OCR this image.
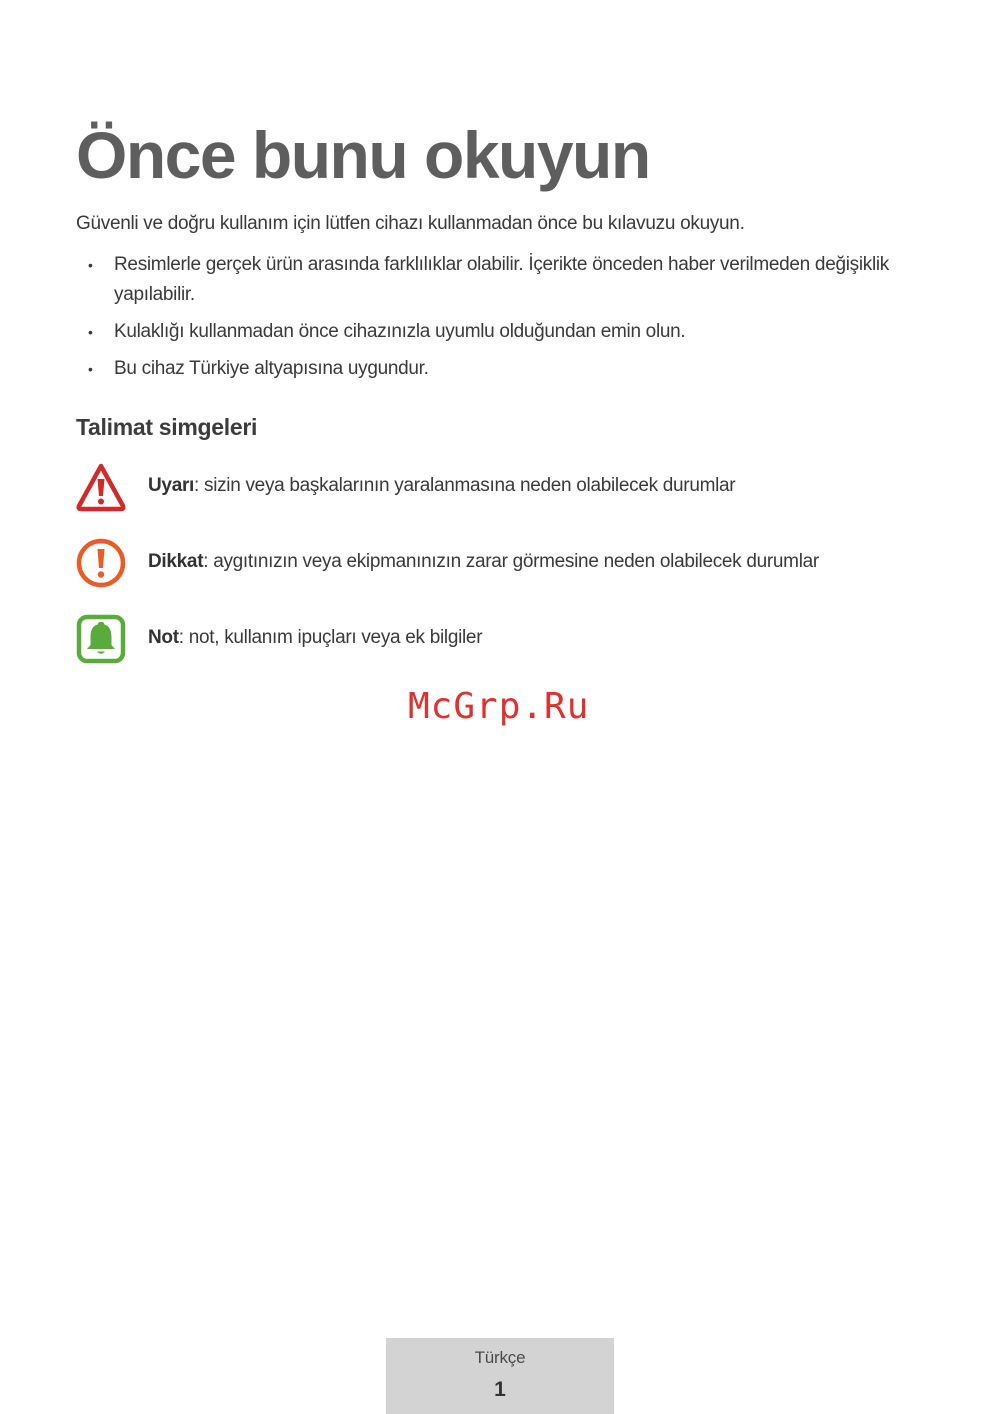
Önce bunu okuyun

Güvenli ve doğru kullanım için lütfen cihazı kullanmadan önce bu kılavuzu okuyun.

• Resimlerle gerçek ürün arasında farklılıklar olabilir. İçerikte önceden haber verilmeden değişiklik yapılabilir.
• Kulaklığı kullanmadan önce cihazınızla uyumlu olduğundan emin olun.
• Bu cihaz Türkiye altyapısına uygundur.
Talimat simgeleri
Uyarı: sizin veya başkalarının yaralanmasına neden olabilecek durumlar
Dikkat: aygıtınızın veya ekipmanınızın zarar görmesine neden olabilecek durumlar
Not: not, kullanım ipuçları veya ek bilgiler
McGrp.Ru
Türkçe
1
